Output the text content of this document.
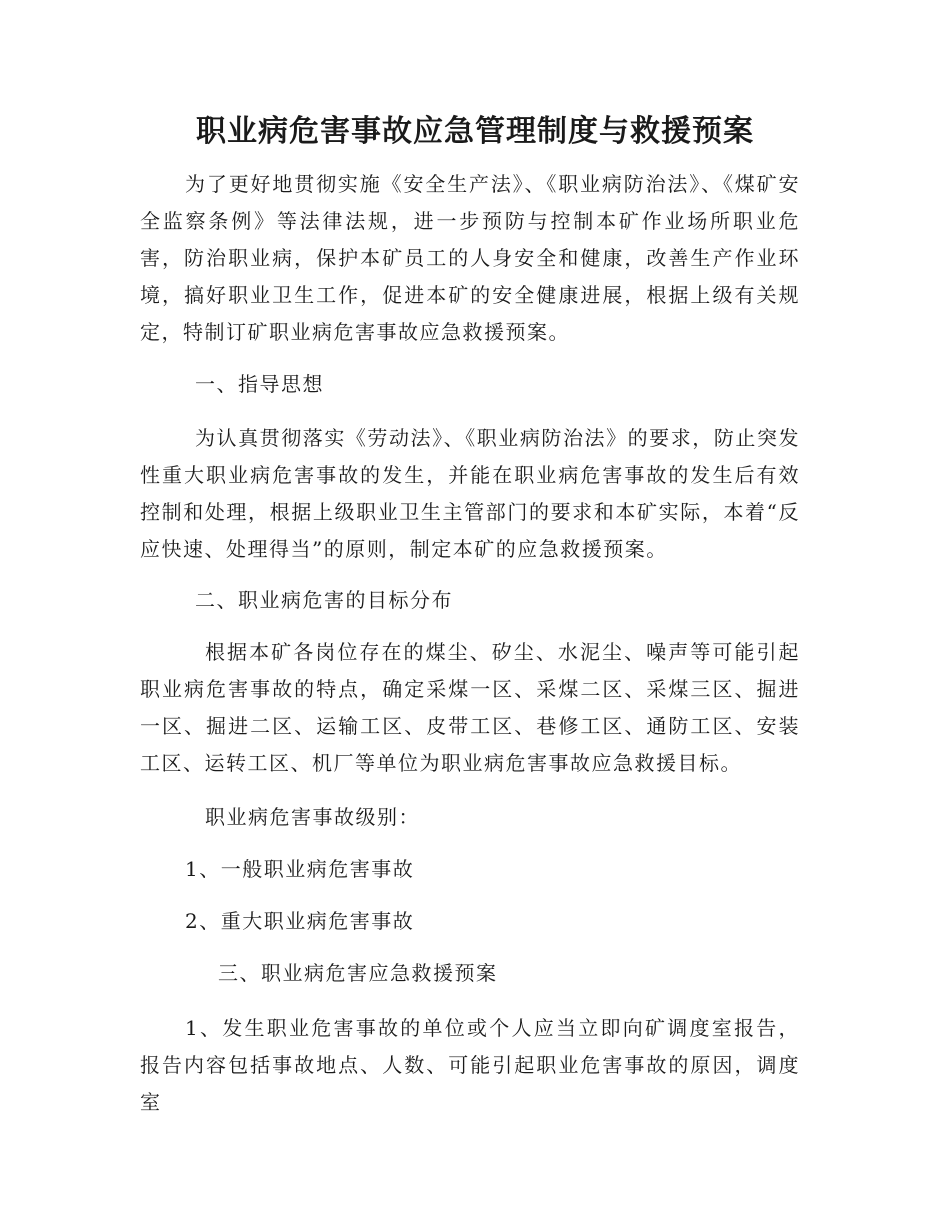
职业病危害事故应急管理制度与救援预案

为了更好地贯彻实施《安全生产法》、《职业病防治法》、《煤矿安全监察条例》等法律法规，进一步预防与控制本矿作业场所职业危害，防治职业病，保护本矿员工的人身安全和健康，改善生产作业环境，搞好职业卫生工作，促进本矿的安全健康进展，根据上级有关规定，特制订矿职业病危害事故应急救援预案。

一、指导思想

为认真贯彻落实《劳动法》、《职业病防治法》的要求，防止突发性重大职业病危害事故的发生，并能在职业病危害事故的发生后有效控制和处理，根据上级职业卫生主管部门的要求和本矿实际，本着“反应快速、处理得当”的原则，制定本矿的应急救援预案。

二、职业病危害的目标分布

根据本矿各岗位存在的煤尘、矽尘、水泥尘、噪声等可能引起职业病危害事故的特点，确定采煤一区、采煤二区、采煤三区、掘进一区、掘进二区、运输工区、皮带工区、巷修工区、通防工区、安装工区、运转工区、机厂等单位为职业病危害事故应急救援目标。

职业病危害事故级别：

1、一般职业病危害事故

2、重大职业病危害事故

三、职业病危害应急救援预案

1、发生职业危害事故的单位或个人应当立即向矿调度室报告，报告内容包括事故地点、人数、可能引起职业危害事故的原因，调度室
